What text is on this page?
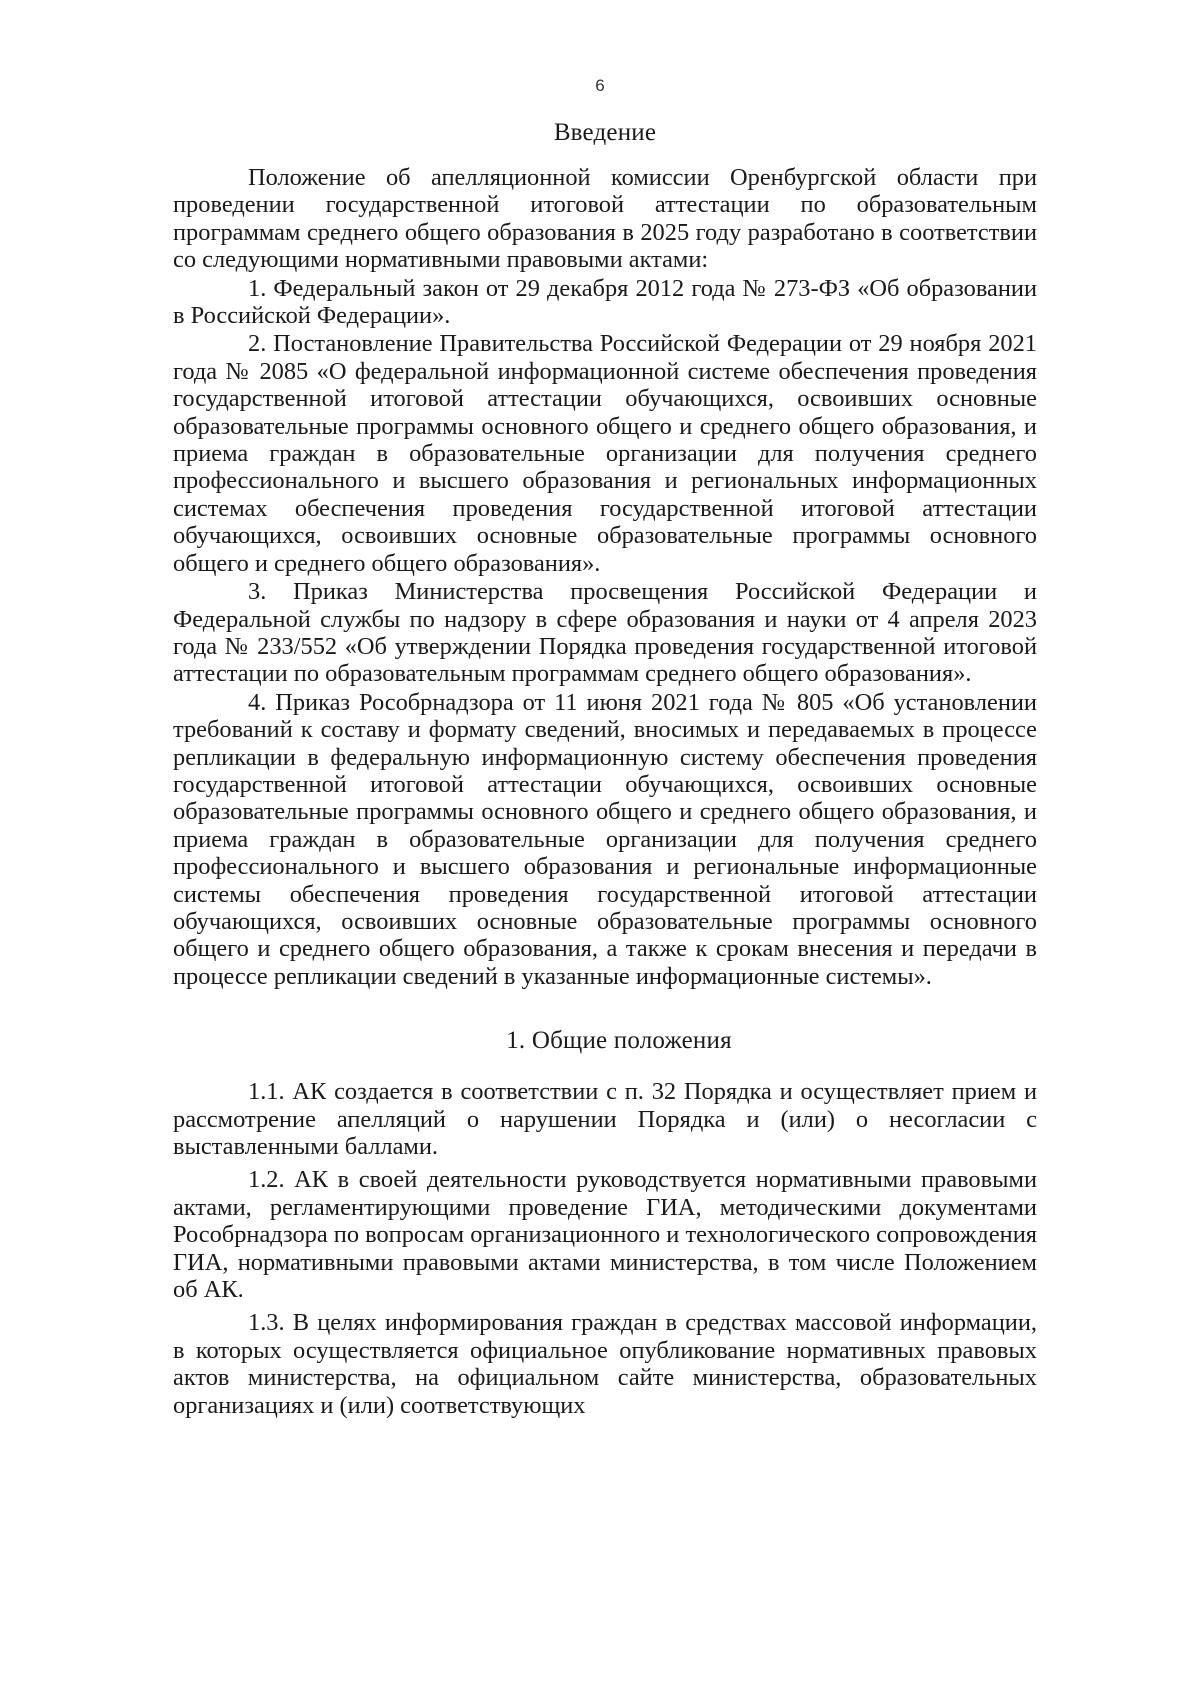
6
Введение

Положение об апелляционной комиссии Оренбургской области при проведении государственной итоговой аттестации по образовательным программам среднего общего образования в 2025 году разработано в соответствии со следующими нормативными правовыми актами:

1. Федеральный закон от 29 декабря 2012 года № 273-ФЗ «Об образовании в Российской Федерации».

2. Постановление Правительства Российской Федерации от 29 ноября 2021 года № 2085 «О федеральной информационной системе обеспечения проведения государственной итоговой аттестации обучающихся, освоивших основные образовательные программы основного общего и среднего общего образования, и приема граждан в образовательные организации для получения среднего профессионального и высшего образования и региональных информационных системах обеспечения проведения государственной итоговой аттестации обучающихся, освоивших основные образовательные программы основного общего и среднего общего образования».

3. Приказ Министерства просвещения Российской Федерации и Федеральной службы по надзору в сфере образования и науки от 4 апреля 2023 года № 233/552 «Об утверждении Порядка проведения государственной итоговой аттестации по образовательным программам среднего общего образования».

4. Приказ Рособрнадзора от 11 июня 2021 года № 805 «Об установлении требований к составу и формату сведений, вносимых и передаваемых в процессе репликации в федеральную информационную систему обеспечения проведения государственной итоговой аттестации обучающихся, освоивших основные образовательные программы основного общего и среднего общего образования, и приема граждан в образовательные организации для получения среднего профессионального и высшего образования и региональные информационные системы обеспечения проведения государственной итоговой аттестации обучающихся, освоивших основные образовательные программы основного общего и среднего общего образования, а также к срокам внесения и передачи в процессе репликации сведений в указанные информационные системы».

1. Общие положения

1.1. АК создается в соответствии с п. 32 Порядка и осуществляет прием и рассмотрение апелляций о нарушении Порядка и (или) о несогласии с выставленными баллами.

1.2. АК в своей деятельности руководствуется нормативными правовыми актами, регламентирующими проведение ГИА, методическими документами Рособрнадзора по вопросам организационного и технологического сопровождения ГИА, нормативными правовыми актами министерства, в том числе Положением об АК.

1.3. В целях информирования граждан в средствах массовой информации, в которых осуществляется официальное опубликование нормативных правовых актов министерства, на официальном сайте министерства, образовательных организациях и (или) соответствующих
